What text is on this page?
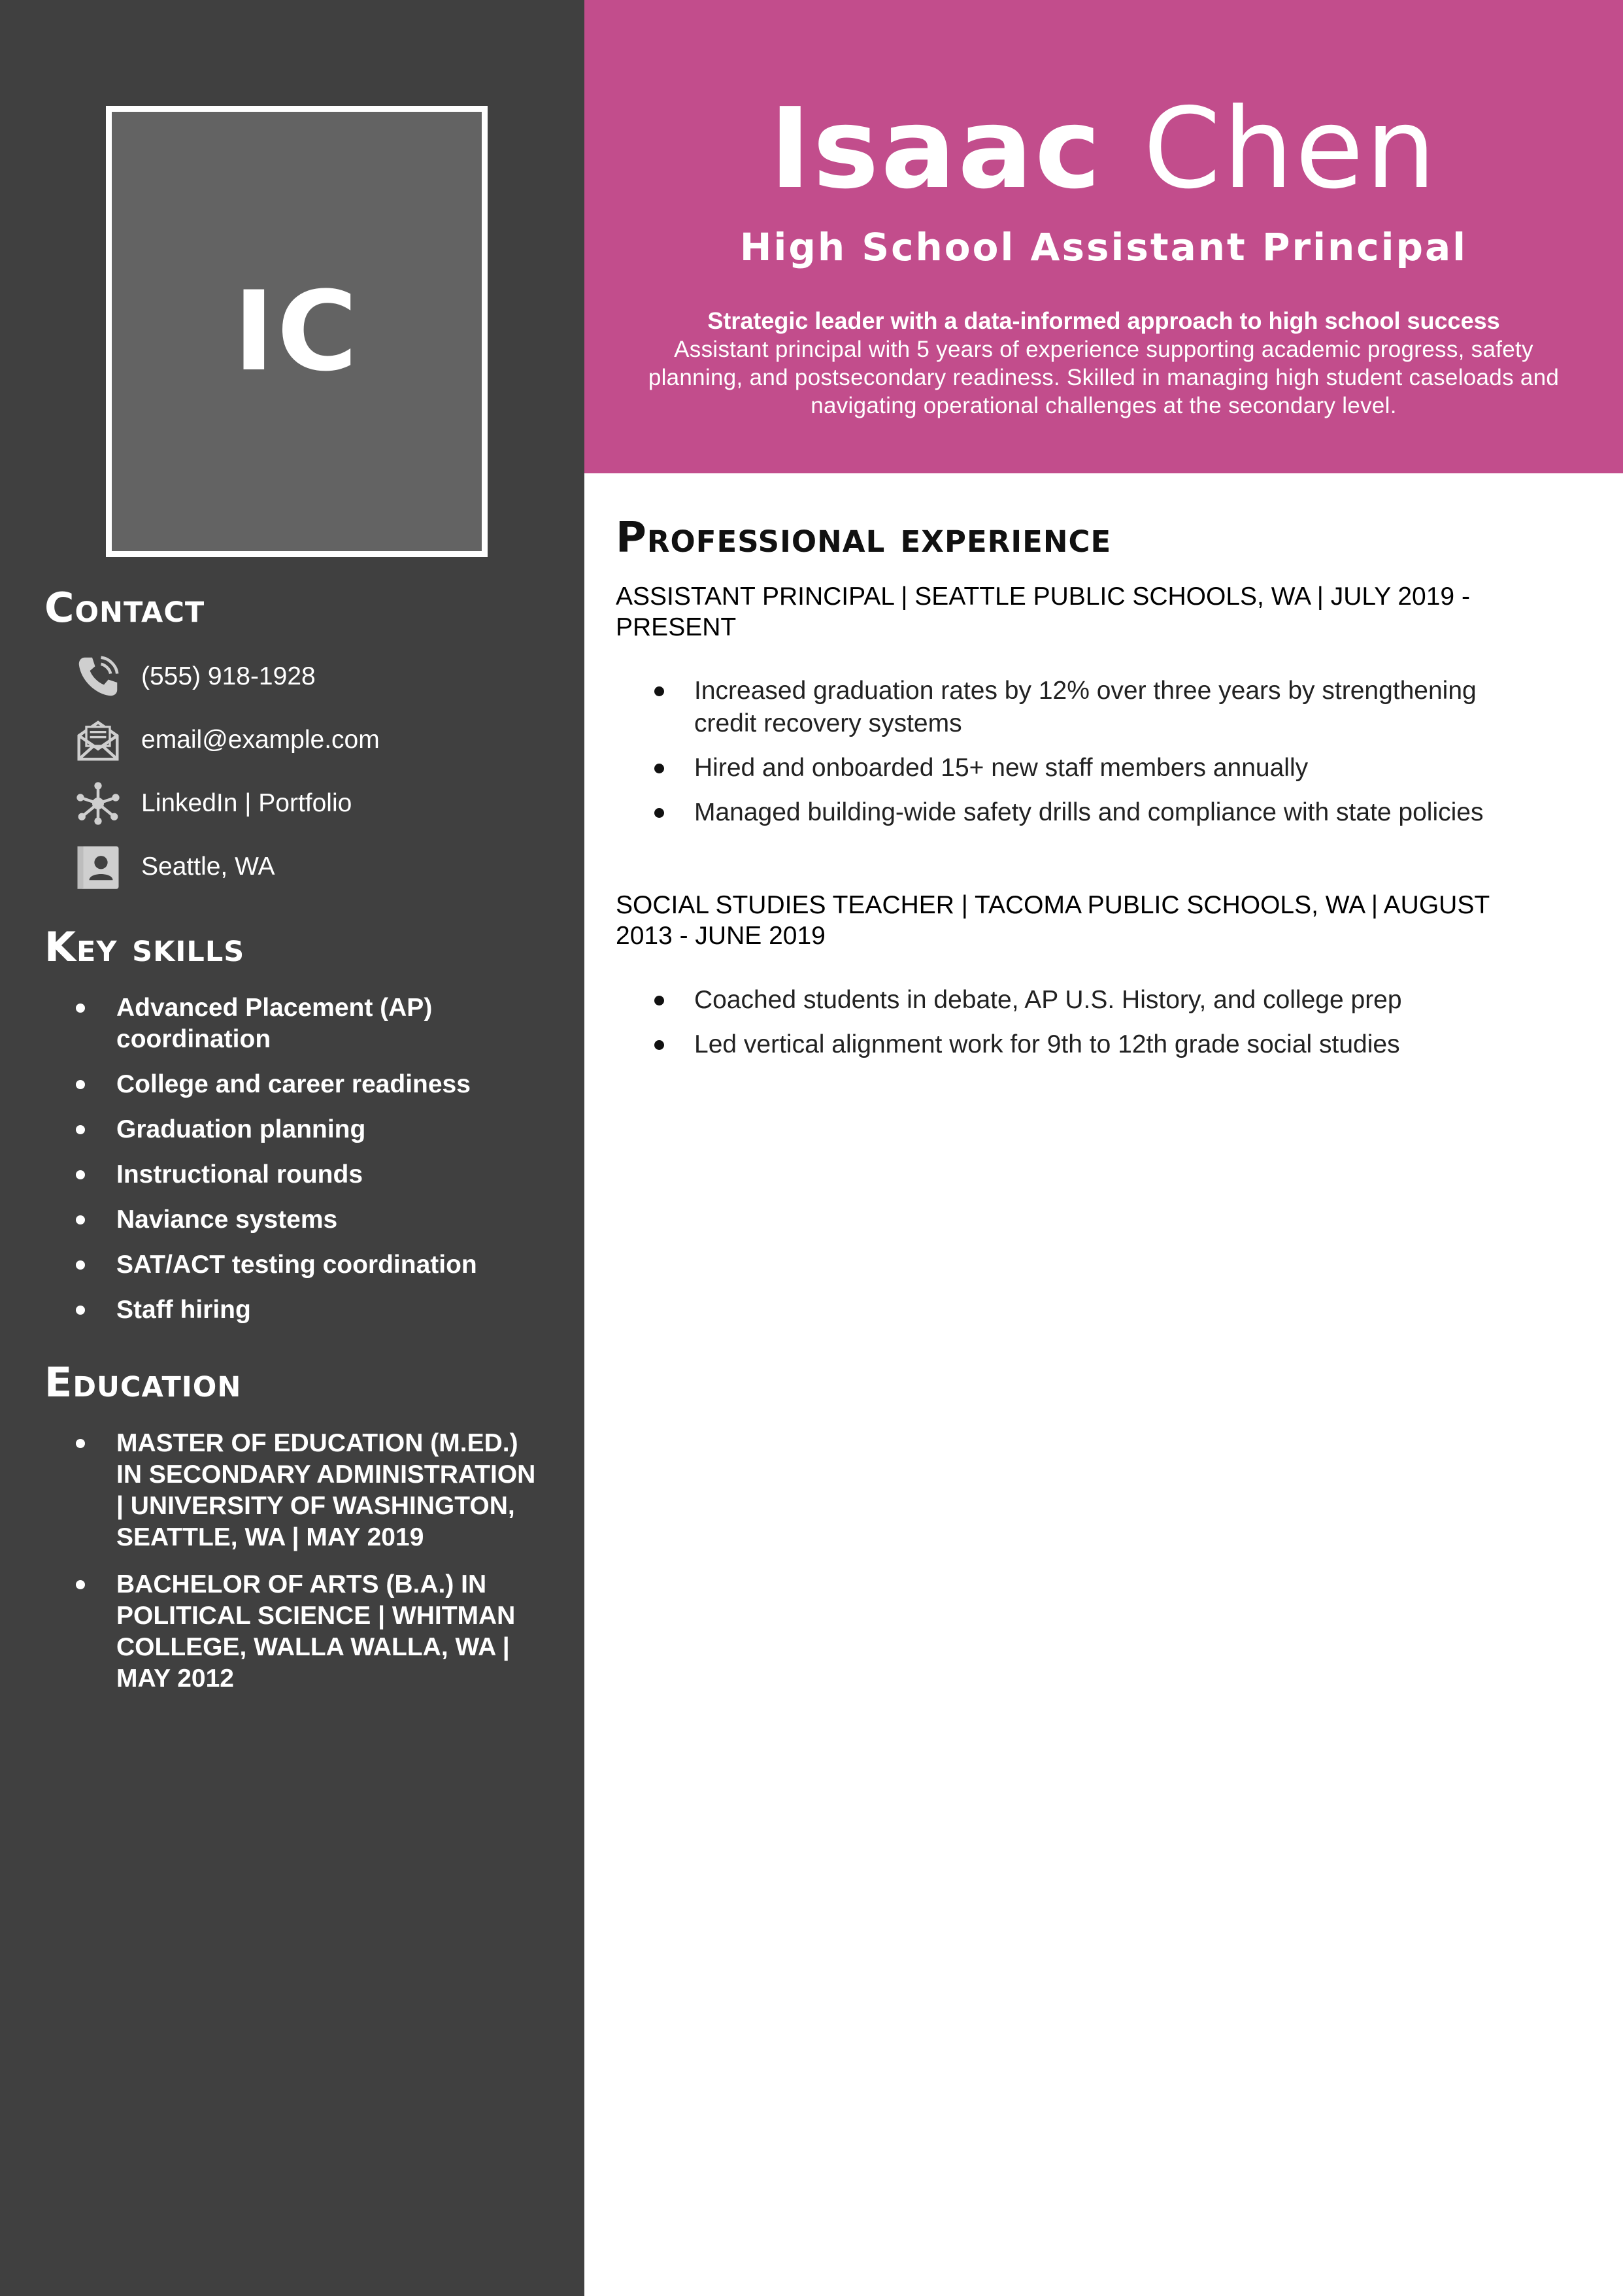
IC
Contact
(555) 918-1928
email@example.com
LinkedIn | Portfolio
Seattle, WA
Key skills
Advanced Placement (AP) coordination
College and career readiness
Graduation planning
Instructional rounds
Naviance systems
SAT/ACT testing coordination
Staff hiring
Education
MASTER OF EDUCATION (M.ED.) IN SECONDARY ADMINISTRATION | UNIVERSITY OF WASHINGTON, SEATTLE, WA | MAY 2019
BACHELOR OF ARTS (B.A.) IN POLITICAL SCIENCE | WHITMAN COLLEGE, WALLA WALLA, WA | MAY 2012
Isaac Chen
High School Assistant Principal
Strategic leader with a data-informed approach to high school success
Assistant principal with 5 years of experience supporting academic progress, safety planning, and postsecondary readiness. Skilled in managing high student caseloads and navigating operational challenges at the secondary level.
Professional experience
ASSISTANT PRINCIPAL | SEATTLE PUBLIC SCHOOLS, WA | JULY 2019 - PRESENT
Increased graduation rates by 12% over three years by strengthening credit recovery systems
Hired and onboarded 15+ new staff members annually
Managed building-wide safety drills and compliance with state policies
SOCIAL STUDIES TEACHER | TACOMA PUBLIC SCHOOLS, WA | AUGUST 2013 - JUNE 2019
Coached students in debate, AP U.S. History, and college prep
Led vertical alignment work for 9th to 12th grade social studies
